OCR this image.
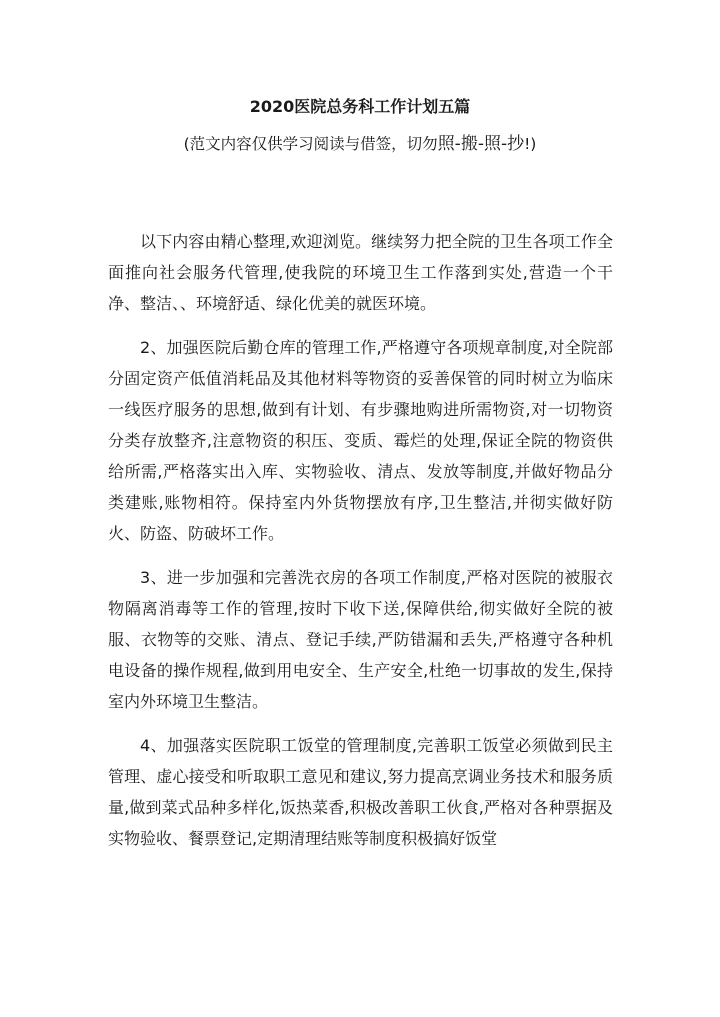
2020医院总务科工作计划五篇
(范文内容仅供学习阅读与借签，切勿照-搬-照-抄!)

以下内容由精心整理,欢迎浏览。继续努力把全院的卫生各项工作全面推向社会服务代管理,使我院的环境卫生工作落到实处,营造一个干净、整洁、、环境舒适、绿化优美的就医环境。

2、加强医院后勤仓库的管理工作,严格遵守各项规章制度,对全院部分固定资产低值消耗品及其他材料等物资的妥善保管的同时树立为临床一线医疗服务的思想,做到有计划、有步骤地购进所需物资,对一切物资分类存放整齐,注意物资的积压、变质、霉烂的处理,保证全院的物资供给所需,严格落实出入库、实物验收、清点、发放等制度,并做好物品分类建账,账物相符。保持室内外货物摆放有序,卫生整洁,并彻实做好防火、防盗、防破坏工作。

3、进一步加强和完善洗衣房的各项工作制度,严格对医院的被服衣物隔离消毒等工作的管理,按时下收下送,保障供给,彻实做好全院的被服、衣物等的交账、清点、登记手续,严防错漏和丢失,严格遵守各种机电设备的操作规程,做到用电安全、生产安全,杜绝一切事故的发生,保持室内外环境卫生整洁。

4、加强落实医院职工饭堂的管理制度,完善职工饭堂必须做到民主管理、虚心接受和听取职工意见和建议,努力提高烹调业务技术和服务质量,做到菜式品种多样化,饭热菜香,积极改善职工伙食,严格对各种票据及实物验收、餐票登记,定期清理结账等制度积极搞好饭堂
